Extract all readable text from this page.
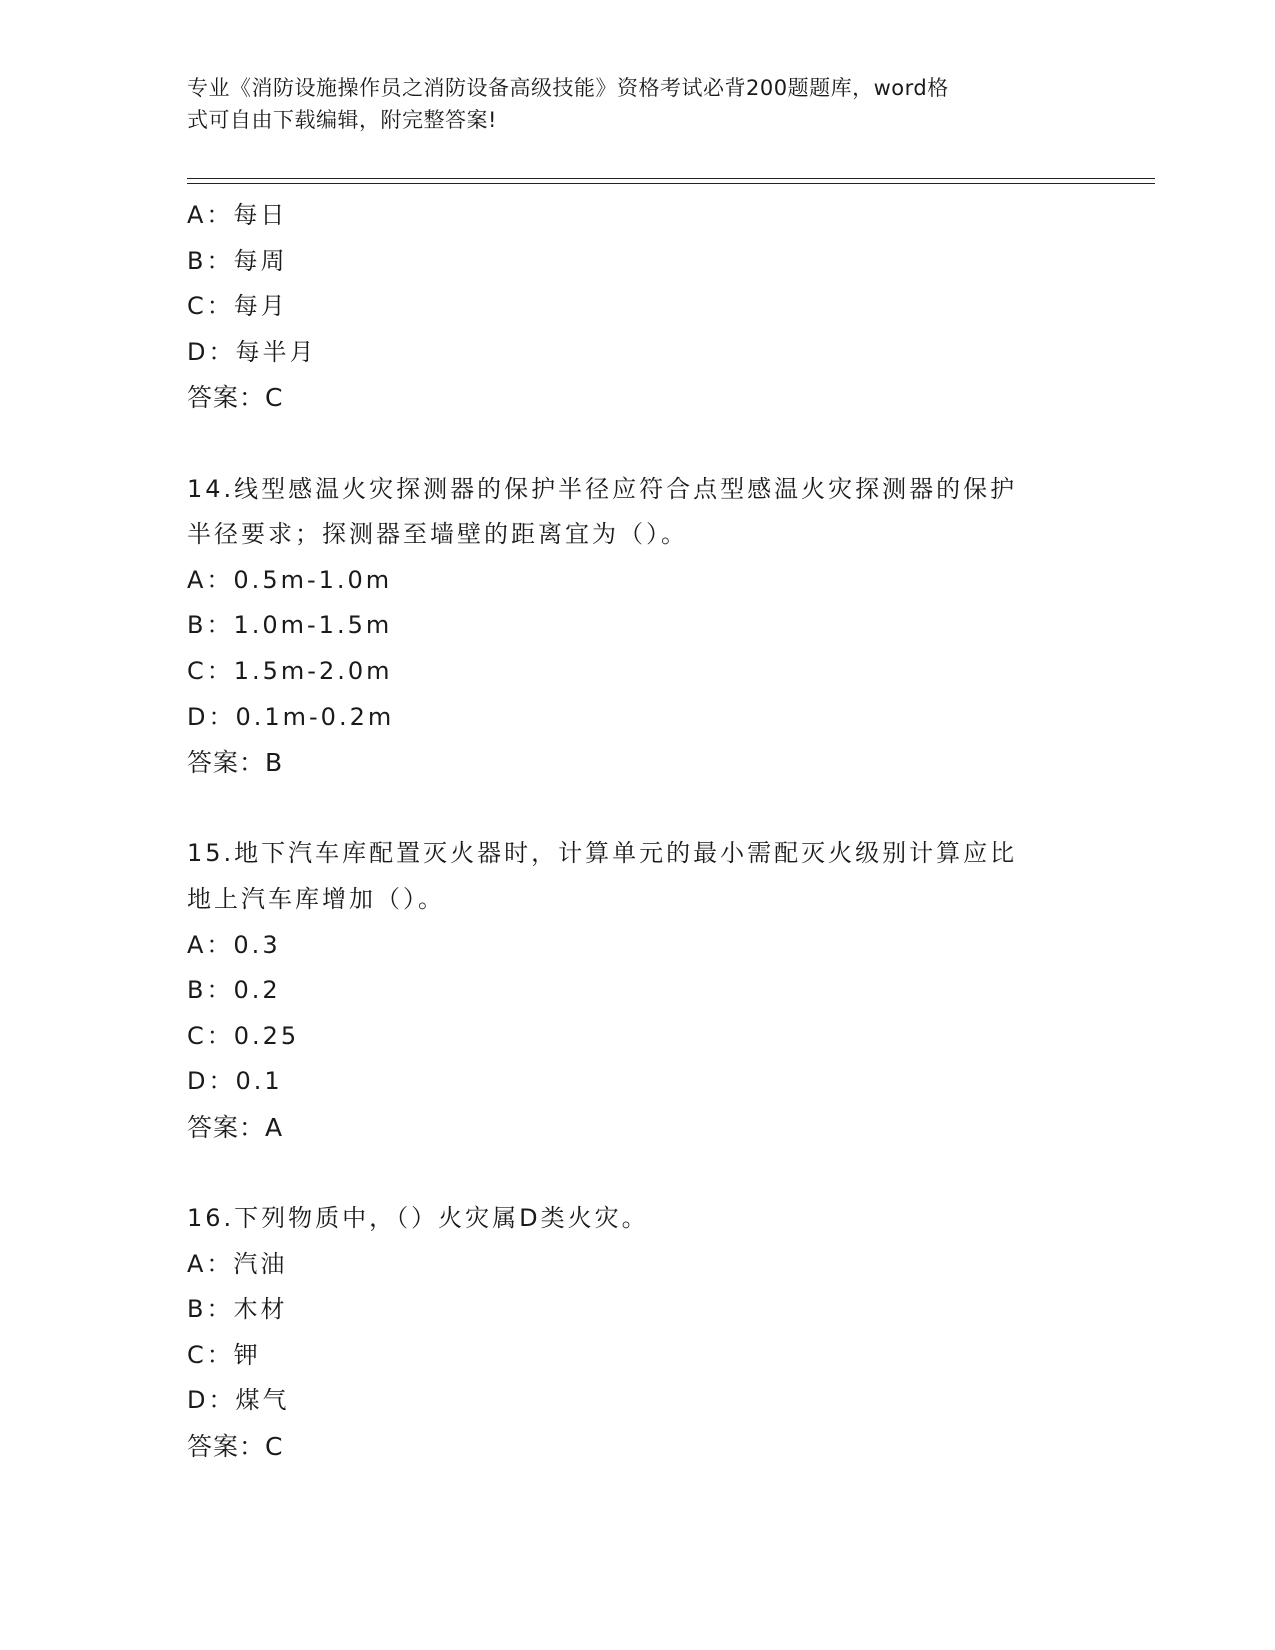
专业《消防设施操作员之消防设备高级技能》资格考试必背200题题库，word格
式可自由下载编辑，附完整答案!
A：每日
B：每周
C：每月
D：每半月
答案：C
14.线型感温火灾探测器的保护半径应符合点型感温火灾探测器的保护
半径要求；探测器至墙壁的距离宜为（）。
A：0.5m-1.0m
B：1.0m-1.5m
C：1.5m-2.0m
D：0.1m-0.2m
答案：B
15.地下汽车库配置灭火器时，计算单元的最小需配灭火级别计算应比
地上汽车库增加（）。
A：0.3
B：0.2
C：0.25
D：0.1
答案：A
16.下列物质中，（）火灾属D类火灾。
A：汽油
B：木材
C：钾
D：煤气
答案：C
